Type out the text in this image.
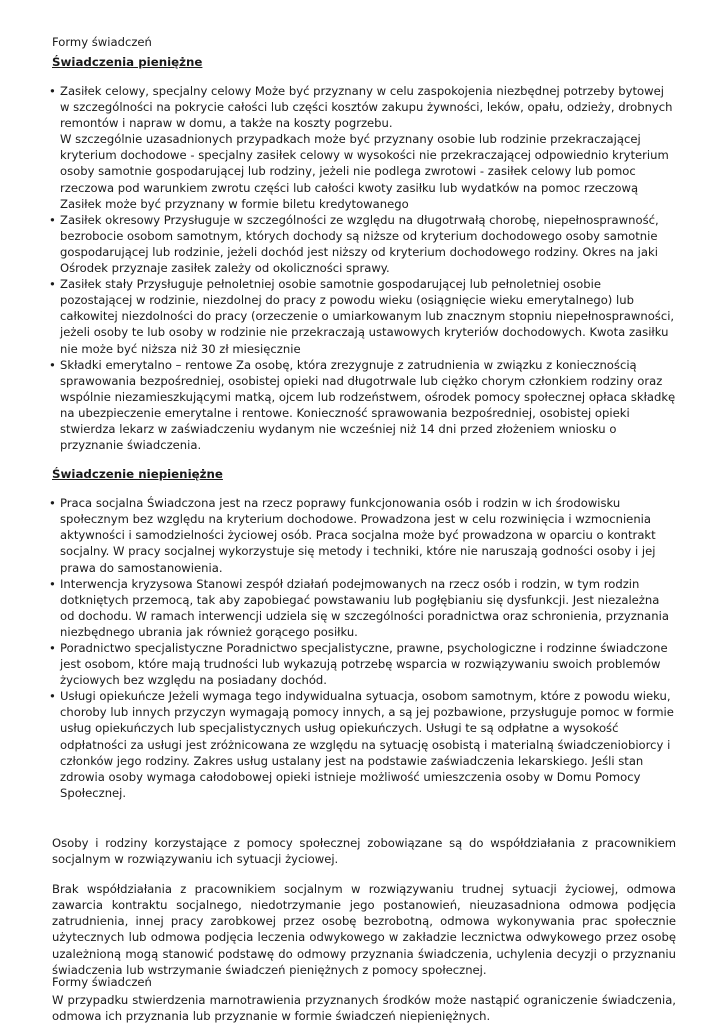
Formy świadczeń
Świadczenia pieniężne
• Zasiłek celowy, specjalny celowy Może być przyznany w celu zaspokojenia niezbędnej potrzeby bytowej w szczególności na pokrycie całości lub części kosztów zakupu żywności, leków, opału, odzieży, drobnych remontów i napraw w domu, a także na koszty pogrzebu.
W szczególnie uzasadnionych przypadkach może być przyznany osobie lub rodzinie przekraczającej kryterium dochodowe - specjalny zasiłek celowy w wysokości nie przekraczającej odpowiednio kryterium osoby samotnie gospodarującej lub rodziny, jeżeli nie podlega zwrotowi - zasiłek celowy lub pomoc rzeczowa pod warunkiem zwrotu części lub całości kwoty zasiłku lub wydatków na pomoc rzeczową Zasiłek może być przyznany w formie biletu kredytowanego
• Zasiłek okresowy Przysługuje w szczególności ze względu na długotrwałą chorobę, niepełnosprawność, bezrobocie osobom samotnym, których dochody są niższe od kryterium dochodowego osoby samotnie gospodarującej lub rodzinie, jeżeli dochód jest niższy od kryterium dochodowego rodziny. Okres na jaki Ośrodek przyznaje zasiłek zależy od okoliczności sprawy.
• Zasiłek stały Przysługuje pełnoletniej osobie samotnie gospodarującej lub pełnoletniej osobie pozostającej w rodzinie, niezdolnej do pracy z powodu wieku (osiągnięcie wieku emerytalnego) lub całkowitej niezdolności do pracy (orzeczenie o umiarkowanym lub znacznym stopniu niepełnosprawności, jeżeli osoby te lub osoby w rodzinie nie przekraczają ustawowych kryteriów dochodowych. Kwota zasiłku nie może być niższa niż 30 zł miesięcznie
• Składki emerytalno – rentowe Za osobę, która zrezygnuje z zatrudnienia w związku z koniecznością sprawowania bezpośredniej, osobistej opieki nad długotrwale lub ciężko chorym członkiem rodziny oraz wspólnie niezamieszkującymi matką, ojcem lub rodzeństwem, ośrodek pomocy społecznej opłaca składkę na ubezpieczenie emerytalne i rentowe. Konieczność sprawowania bezpośredniej, osobistej opieki stwierdza lekarz w zaświadczeniu wydanym nie wcześniej niż 14 dni przed złożeniem wniosku o przyznanie świadczenia.
Świadczenie niepieniężne
• Praca socjalna Świadczona jest na rzecz poprawy funkcjonowania osób i rodzin w ich środowisku społecznym bez względu na kryterium dochodowe. Prowadzona jest w celu rozwinięcia i wzmocnienia aktywności i samodzielności życiowej osób. Praca socjalna może być prowadzona w oparciu o kontrakt socjalny. W pracy socjalnej wykorzystuje się metody i techniki, które nie naruszają godności osoby i jej prawa do samostanowienia.
• Interwencja kryzysowa Stanowi zespół działań podejmowanych na rzecz osób i rodzin, w tym rodzin dotkniętych przemocą, tak aby zapobiegać powstawaniu lub pogłębianiu się dysfunkcji. Jest niezależna od dochodu. W ramach interwencji udziela się w szczególności poradnictwa oraz schronienia, przyznania niezbędnego ubrania jak również gorącego posiłku.
• Poradnictwo specjalistyczne Poradnictwo specjalistyczne, prawne, psychologiczne i rodzinne świadczone jest osobom, które mają trudności lub wykazują potrzebę wsparcia w rozwiązywaniu swoich problemów życiowych bez względu na posiadany dochód.
• Usługi opiekuńcze Jeżeli wymaga tego indywidualna sytuacja, osobom samotnym, które z powodu wieku, choroby lub innych przyczyn wymagają pomocy innych, a są jej pozbawione, przysługuje pomoc w formie usług opiekuńczych lub specjalistycznych usług opiekuńczych. Usługi te są odpłatne a wysokość odpłatności za usługi jest zróżnicowana ze względu na sytuację osobistą i materialną świadczeniobiorcy i członków jego rodziny. Zakres usług ustalany jest na podstawie zaświadczenia lekarskiego. Jeśli stan zdrowia osoby wymaga całodobowej opieki istnieje możliwość umieszczenia osoby w Domu Pomocy Społecznej.

Osoby i rodziny korzystające z pomocy społecznej zobowiązane są do współdziałania z pracownikiem socjalnym w rozwiązywaniu ich sytuacji życiowej.

Brak współdziałania z pracownikiem socjalnym w rozwiązywaniu trudnej sytuacji życiowej, odmowa zawarcia kontraktu socjalnego, niedotrzymanie jego postanowień, nieuzasadniona odmowa podjęcia zatrudnienia, innej pracy zarobkowej przez osobę bezrobotną, odmowa wykonywania prac społecznie użytecznych lub odmowa podjęcia leczenia odwykowego w zakładzie lecznictwa odwykowego przez osobę uzależnioną mogą stanowić podstawę do odmowy przyznania świadczenia, uchylenia decyzji o przyznaniu świadczenia lub wstrzymanie świadczeń pieniężnych z pomocy społecznej.

W przypadku stwierdzenia marnotrawienia przyznanych środków może nastąpić ograniczenie świadczenia, odmowa ich przyznania lub przyznanie w formie świadczeń niepieniężnych.

Formy świadczeń
